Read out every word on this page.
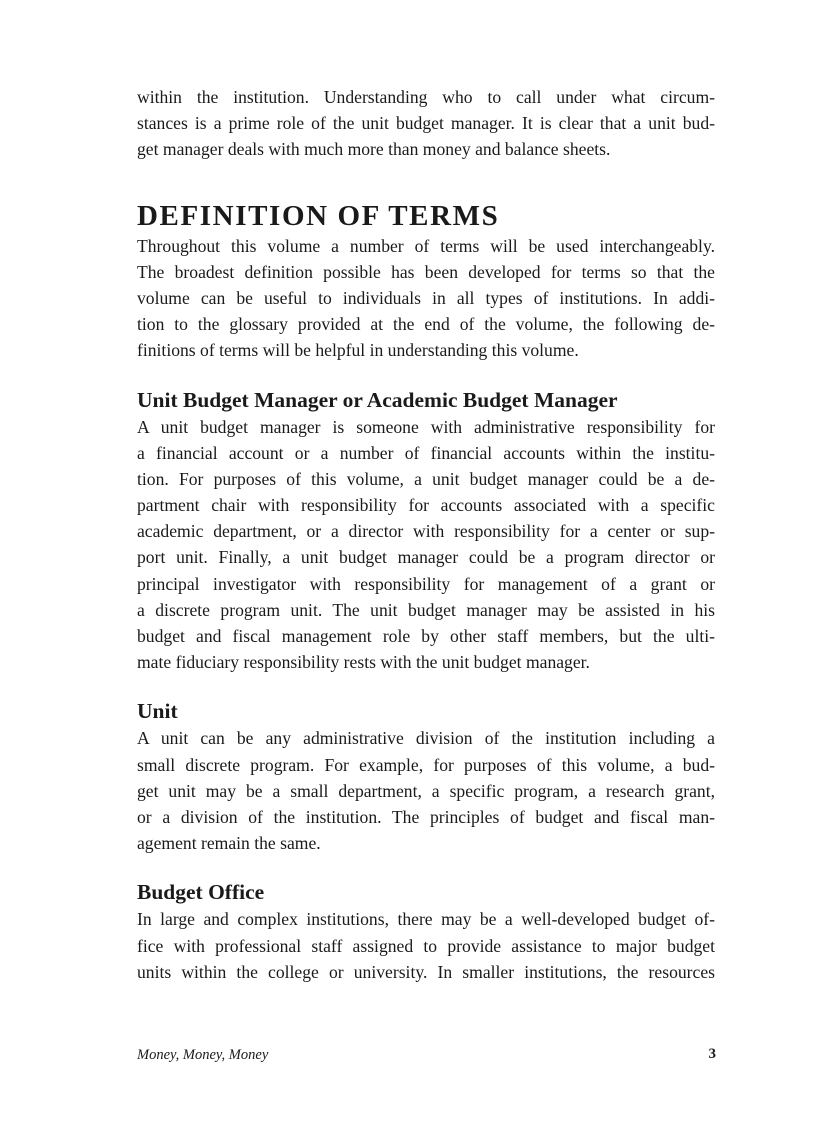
within the institution. Understanding who to call under what circum-
stances is a prime role of the unit budget manager. It is clear that a unit bud-
get manager deals with much more than money and balance sheets.

DEFINITION OF TERMS

Throughout this volume a number of terms will be used interchangeably.
The broadest definition possible has been developed for terms so that the
volume can be useful to individuals in all types of institutions. In addi-
tion to the glossary provided at the end of the volume, the following de-
finitions of terms will be helpful in understanding this volume.

Unit Budget Manager or Academic Budget Manager

A unit budget manager is someone with administrative responsibility for
a financial account or a number of financial accounts within the institu-
tion. For purposes of this volume, a unit budget manager could be a de-
partment chair with responsibility for accounts associated with a specific
academic department, or a director with responsibility for a center or sup-
port unit. Finally, a unit budget manager could be a program director or
principal investigator with responsibility for management of a grant or
a discrete program unit. The unit budget manager may be assisted in his
budget and fiscal management role by other staff members, but the ulti-
mate fiduciary responsibility rests with the unit budget manager.

Unit

A unit can be any administrative division of the institution including a
small discrete program. For example, for purposes of this volume, a bud-
get unit may be a small department, a specific program, a research grant,
or a division of the institution. The principles of budget and fiscal man-
agement remain the same.

Budget Office

In large and complex institutions, there may be a well-developed budget of-
fice with professional staff assigned to provide assistance to major budget
units within the college or university. In smaller institutions, the resources

Money, Money, Money	3
